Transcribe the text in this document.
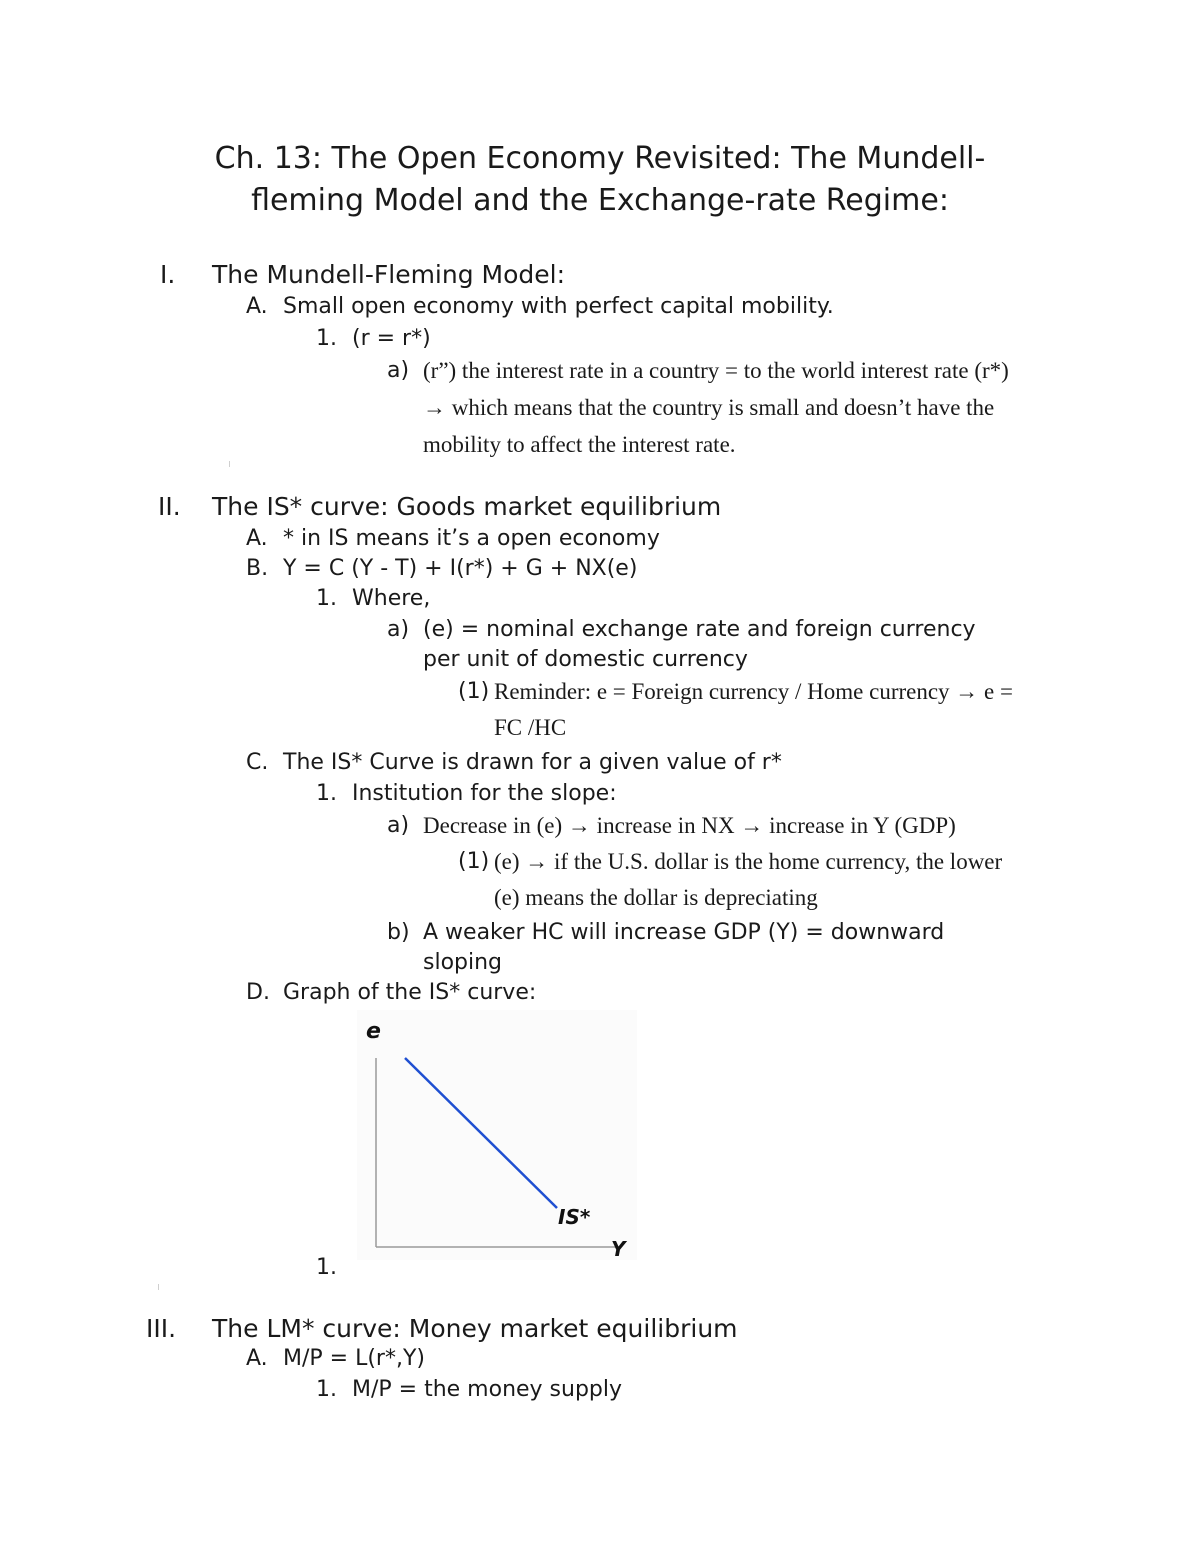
Ch. 13: The Open Economy Revisited: The Mundell-
fleming Model and the Exchange-rate Regime:
I. The Mundell-Fleming Model:
A. Small open economy with perfect capital mobility.
1. (r = r*)
a) (r”) the interest rate in a country = to the world interest rate (r*)
→ which means that the country is small and doesn’t have the
mobility to affect the interest rate.
II. The IS* curve: Goods market equilibrium
A. * in IS means it’s a open economy
B. Y = C (Y - T) + I(r*) + G + NX(e)
1. Where,
a) (e) = nominal exchange rate and foreign currency
per unit of domestic currency
(1) Reminder: e = Foreign currency / Home currency → e =
FC /HC
C. The IS* Curve is drawn for a given value of r*
1. Institution for the slope:
a) Decrease in (e) → increase in NX → increase in Y (GDP)
(1) (e) → if the U.S. dollar is the home currency, the lower
(e) means the dollar is depreciating
b) A weaker HC will increase GDP (Y) = downward
sloping
D. Graph of the IS* curve:
e
Y
IS*
1.
III. The LM* curve: Money market equilibrium
A. M/P = L(r*,Y)
1. M/P = the money supply
